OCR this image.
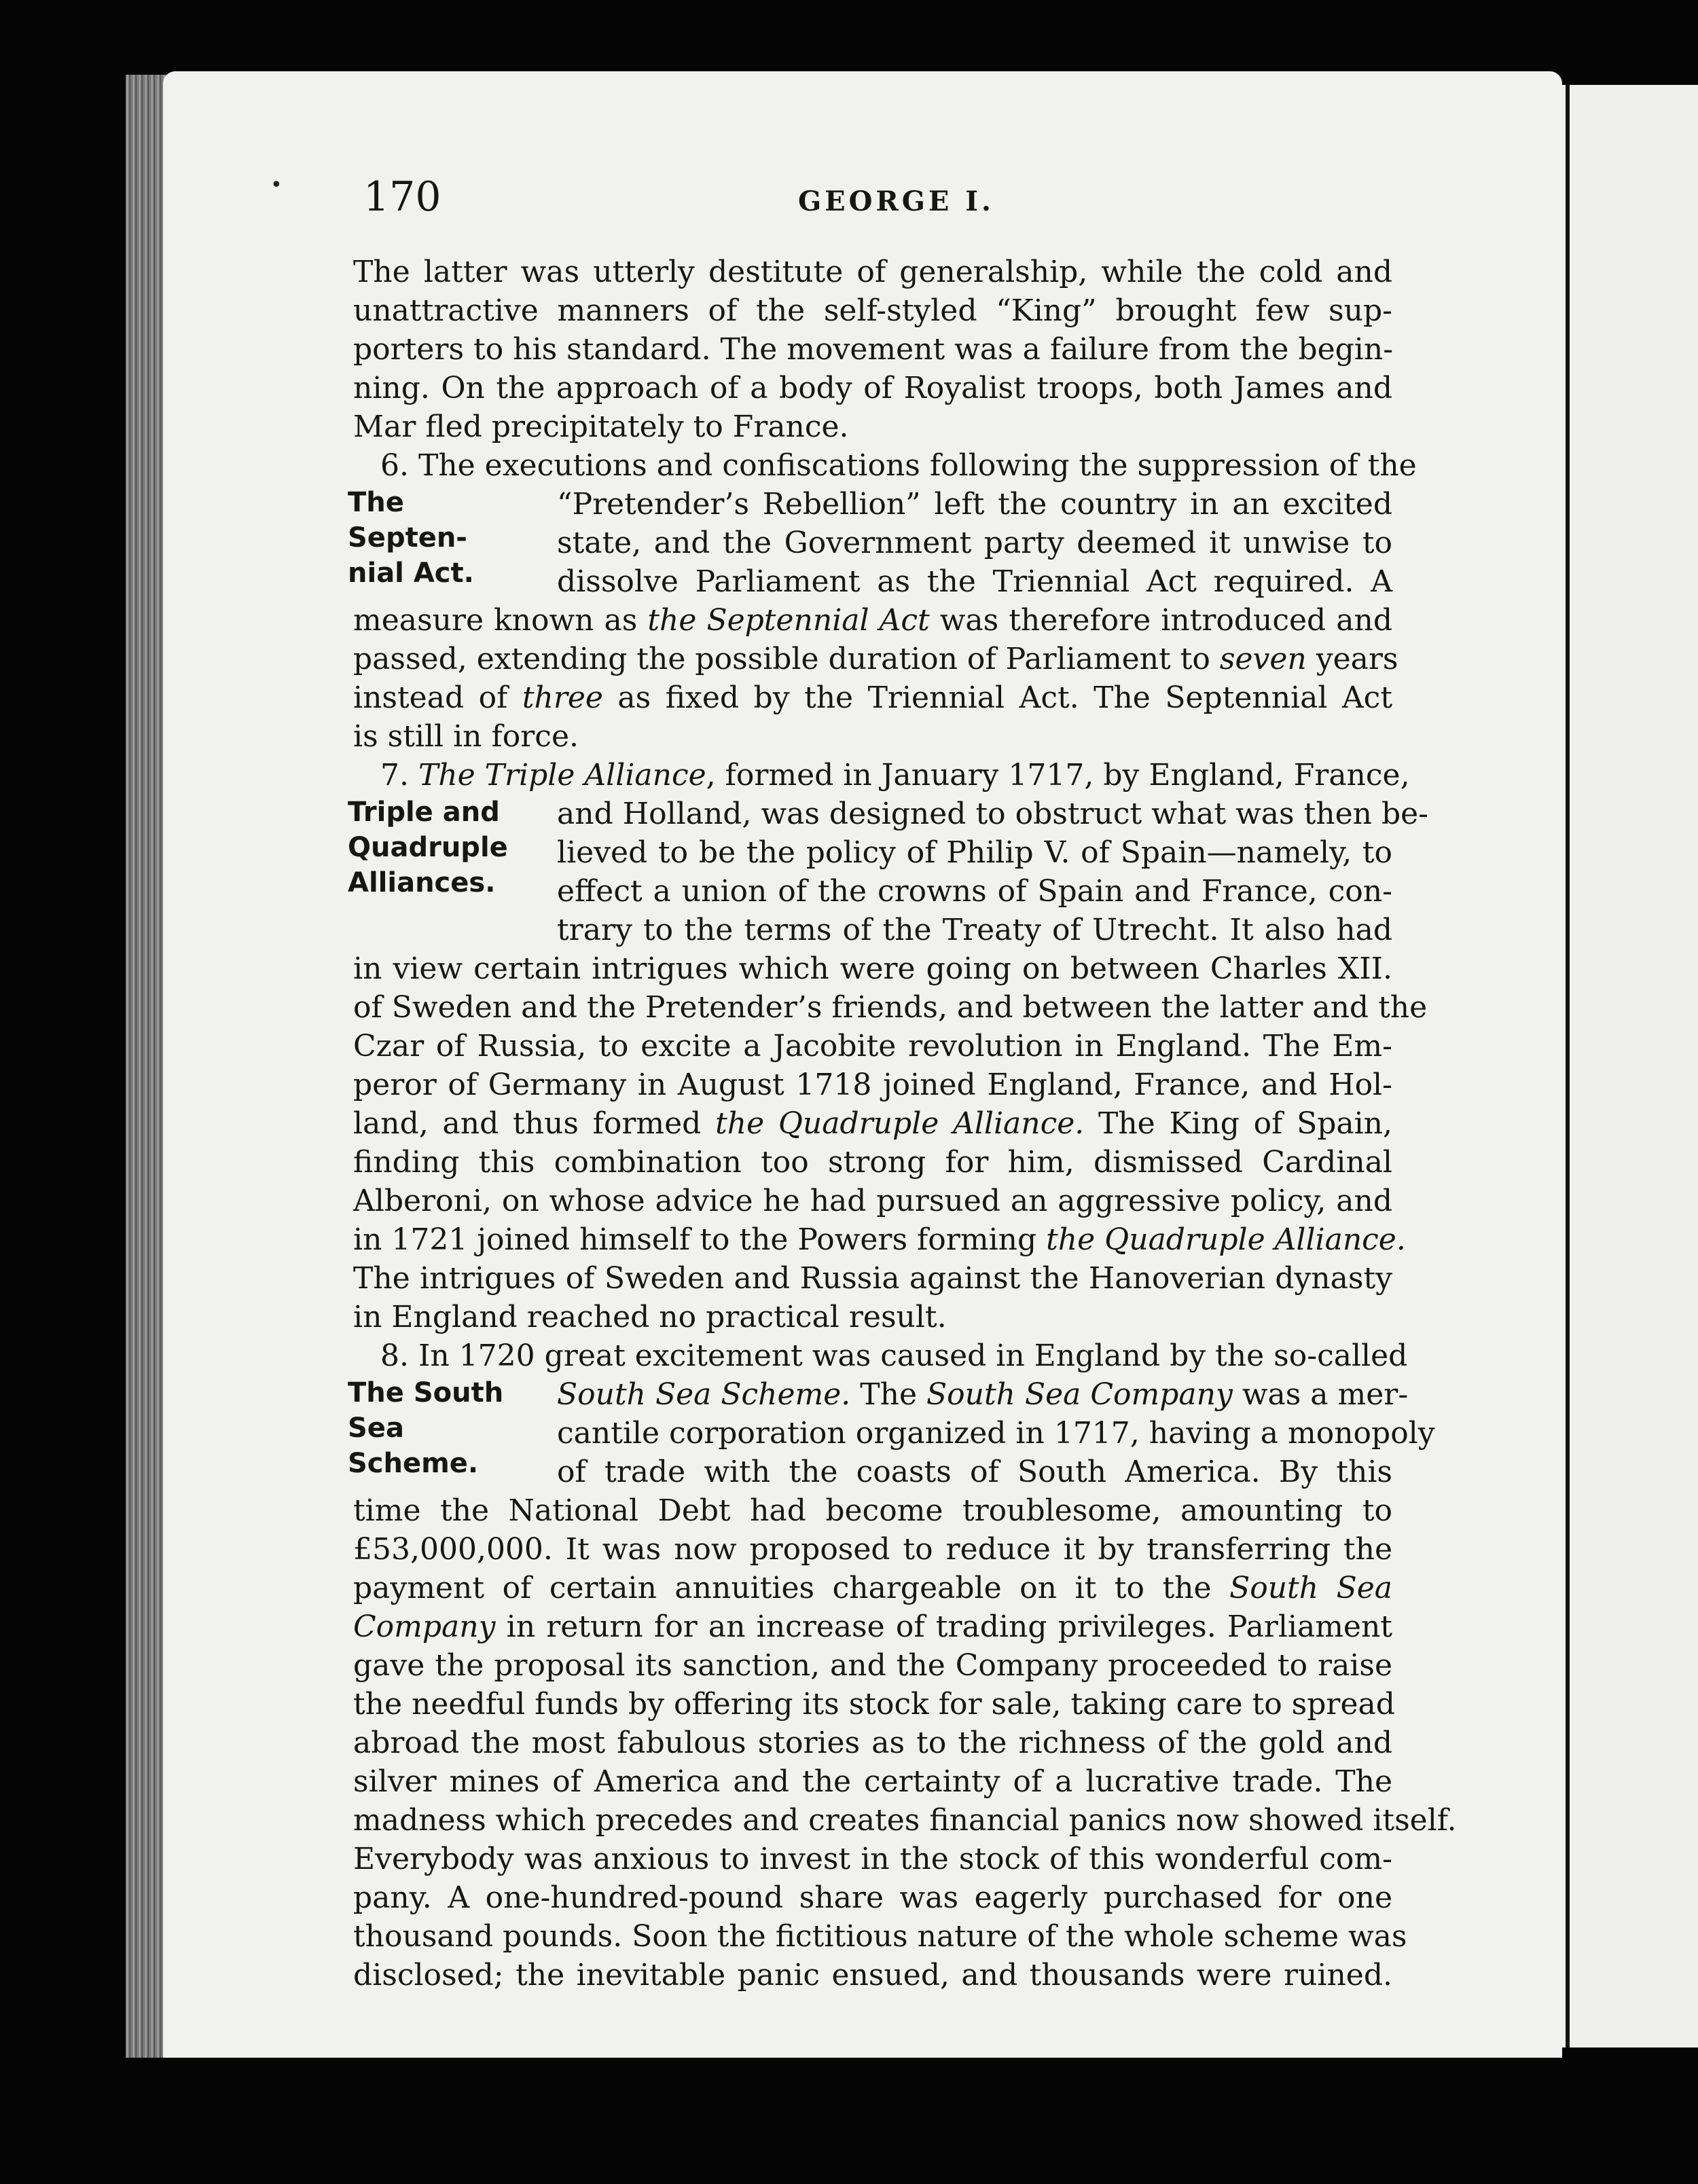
• 170	GEORGE I.
The latter was utterly destitute of generalship, while the cold and
unattractive manners of the self-styled “King” brought few sup-
porters to his standard. The movement was a failure from the begin-
ning. On the approach of a body of Royalist troops, both James and
Mar fled precipitately to France.
The Septen-
nial Act.
6. The executions and confiscations following the suppression of the
“Pretender’s Rebellion” left the country in an excited
state, and the Government party deemed it unwise to
dissolve Parliament as the Triennial Act required. A
measure known as the Septennial Act was therefore introduced and
passed, extending the possible duration of Parliament to seven years
instead of three as fixed by the Triennial Act. The Septennial Act
is still in force.
Triple and
Quadruple
Alliances.
7. The Triple Alliance, formed in January 1717, by England, France,
and Holland, was designed to obstruct what was then be-
lieved to be the policy of Philip V. of Spain—namely, to
effect a union of the crowns of Spain and France, con-
trary to the terms of the Treaty of Utrecht. It also had
in view certain intrigues which were going on between Charles XII.
of Sweden and the Pretender’s friends, and between the latter and the
Czar of Russia, to excite a Jacobite revolution in England. The Em-
peror of Germany in August 1718 joined England, France, and Hol-
land, and thus formed the Quadruple Alliance. The King of Spain,
finding this combination too strong for him, dismissed Cardinal
Alberoni, on whose advice he had pursued an aggressive policy, and
in 1721 joined himself to the Powers forming the Quadruple Alliance.
The intrigues of Sweden and Russia against the Hanoverian dynasty
in England reached no practical result.
The South
Sea Scheme.
8. In 1720 great excitement was caused in England by the so-called
South Sea Scheme. The South Sea Company was a mer-
cantile corporation organized in 1717, having a monopoly
of trade with the coasts of South America. By this
time the National Debt had become troublesome, amounting to
£53,000,000. It was now proposed to reduce it by transferring the
payment of certain annuities chargeable on it to the South Sea
Company in return for an increase of trading privileges. Parliament
gave the proposal its sanction, and the Company proceeded to raise
the needful funds by offering its stock for sale, taking care to spread
abroad the most fabulous stories as to the richness of the gold and
silver mines of America and the certainty of a lucrative trade. The
madness which precedes and creates financial panics now showed itself.
Everybody was anxious to invest in the stock of this wonderful com-
pany. A one-hundred-pound share was eagerly purchased for one
thousand pounds. Soon the fictitious nature of the whole scheme was
disclosed; the inevitable panic ensued, and thousands were ruined.
